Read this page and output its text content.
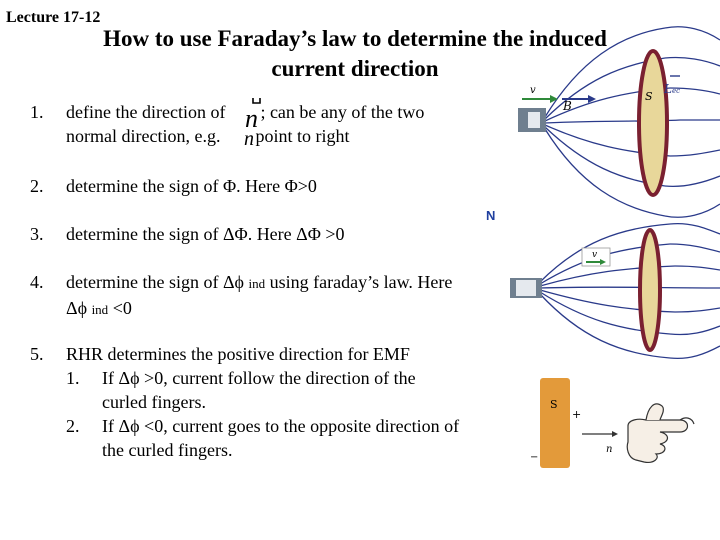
Lecture 17-12
How to use Faraday’s law to determine the induced
current direction
1. define the direction of ; can be any of the two
normal direction, e.g. point to right
n
n
2. determine the sign of Φ. Here Φ>0
3. determine the sign of ΔΦ. Here ΔΦ >0
4. determine the sign of Δϕ ind using faraday’s law. Here
Δϕ ind <0
5. RHR determines the positive direction for EMF
1. If Δϕ >0, current follow the direction of the
curled fingers.
2. If Δϕ <0, current goes to the opposite direction of
the curled fingers.
N
S
v
B
Lec
v
S
+
−
n
